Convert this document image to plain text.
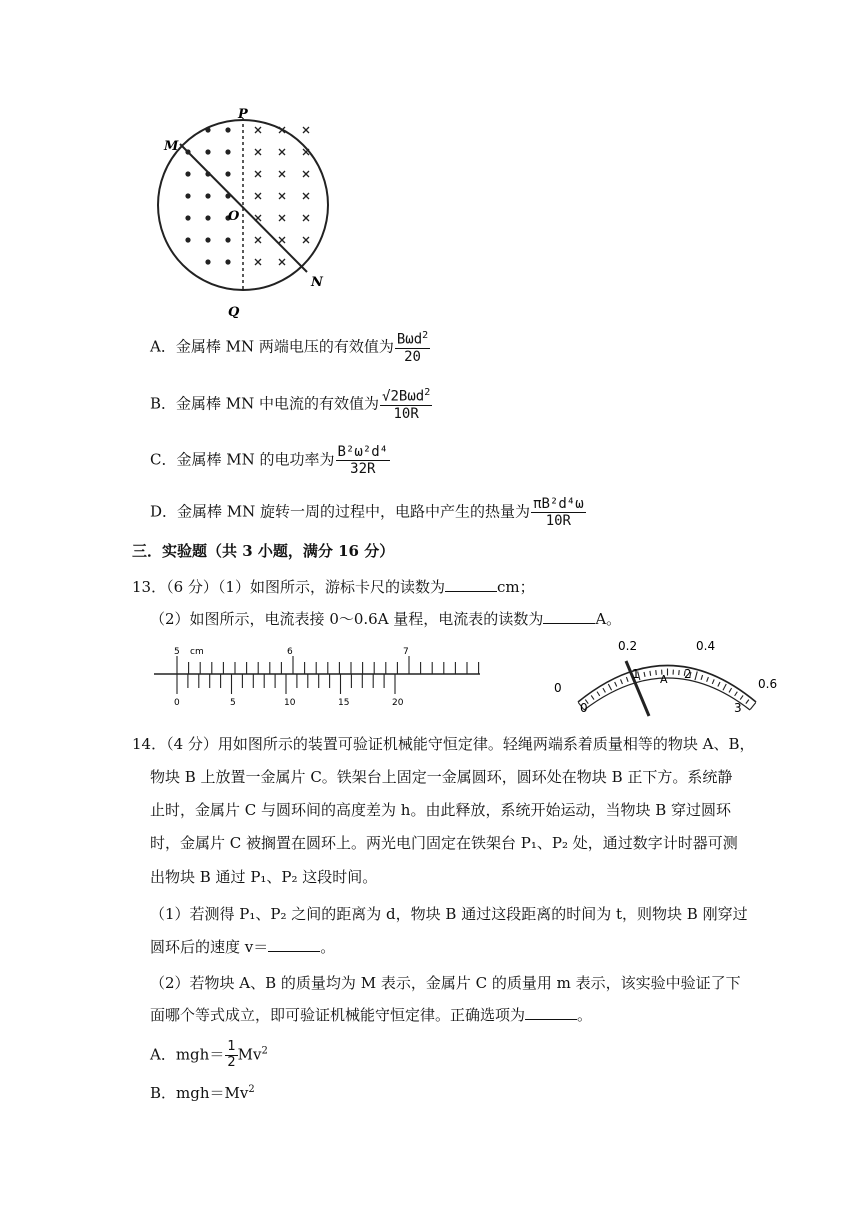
M
P
O
N
Q
A．金属棒 MN 两端电压的有效值为 $\frac{B\omega d^2}{20}$
B．金属棒 MN 中电流的有效值为 $\frac{√2B\omega d^2}{10R}$
C．金属棒 MN 的电功率为 $\frac{\text{B²ω²d⁴}}{32R}$
D．金属棒 MN 旋转一周的过程中，电路中产生的热量为 $\frac{\text{πB²d⁴ω}}{10R}$
三．实验题（共 3 小题，满分 16 分）
13．（6 分）（1）如图所示，游标卡尺的读数为	cm；
（2）如图所示，电流表接 0～0.6A 量程，电流表的读数为	A。
5 cm	6	7
0	5	10	15	20
0
0.2	0.4
0.6
0
1	2
3
A
14．（4 分）用如图所示的装置可验证机械能守恒定律。轻绳两端系着质量相等的物块 A、B，
物块 B 上放置一金属片 C。铁架台上固定一金属圆环，圆环处在物块 B 正下方。系统静
止时，金属片 C 与圆环间的高度差为 h。由此释放，系统开始运动，当物块 B 穿过圆环
时，金属片 C 被搁置在圆环上。两光电门固定在铁架台 P₁、P₂ 处，通过数字计时器可测
出物块 B 通过 P₁、P₂ 这段时间。
（1）若测得 P₁、P₂ 之间的距离为 d，物块 B 通过这段距离的时间为 t，则物块 B 刚穿过
圆环后的速度 v＝	。
（2）若物块 A、B 的质量均为 M 表示，金属片 C 的质量用 m 表示，该实验中验证了下
面哪个等式成立，即可验证机械能守恒定律。正确选项为	。
A．$mgh= \frac{1}{2} Mv^2$
B．$mgh=Mv^2$
